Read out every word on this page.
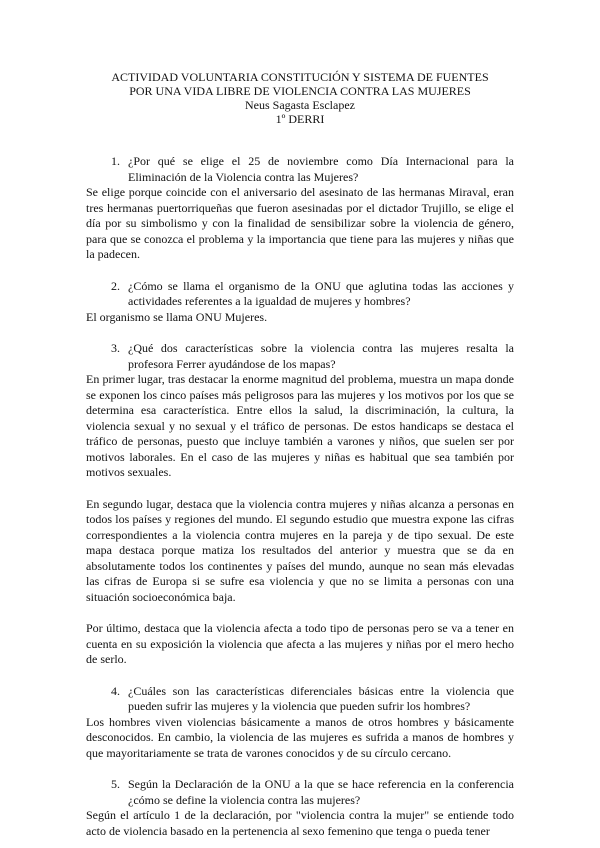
ACTIVIDAD VOLUNTARIA CONSTITUCIÓN Y SISTEMA DE FUENTES
POR UNA VIDA LIBRE DE VIOLENCIA CONTRA LAS MUJERES
Neus Sagasta Esclapez
1º DERRI
1. ¿Por qué se elige el 25 de noviembre como Día Internacional para la Eliminación de la Violencia contra las Mujeres?

Se elige porque coincide con el aniversario del asesinato de las hermanas Miraval, eran tres hermanas puertorriqueñas que fueron asesinadas por el dictador Trujillo, se elige el día por su simbolismo y con la finalidad de sensibilizar sobre la violencia de género, para que se conozca el problema y la importancia que tiene para las mujeres y niñas que la padecen.

2. ¿Cómo se llama el organismo de la ONU que aglutina todas las acciones y actividades referentes a la igualdad de mujeres y hombres?

El organismo se llama ONU Mujeres.

3. ¿Qué dos características sobre la violencia contra las mujeres resalta la profesora Ferrer ayudándose de los mapas?

En primer lugar, tras destacar la enorme magnitud del problema, muestra un mapa donde se exponen los cinco países más peligrosos para las mujeres y los motivos por los que se determina esa característica. Entre ellos la salud, la discriminación, la cultura, la violencia sexual y no sexual y el tráfico de personas. De estos handicaps se destaca el tráfico de personas, puesto que incluye también a varones y niños, que suelen ser por motivos laborales. En el caso de las mujeres y niñas es habitual que sea también por motivos sexuales.

En segundo lugar, destaca que la violencia contra mujeres y niñas alcanza a personas en todos los países y regiones del mundo. El segundo estudio que muestra expone las cifras correspondientes a la violencia contra mujeres en la pareja y de tipo sexual. De este mapa destaca porque matiza los resultados del anterior y muestra que se da en absolutamente todos los continentes y países del mundo, aunque no sean más elevadas las cifras de Europa si se sufre esa violencia y que no se limita a personas con una situación socioeconómica baja.

Por último, destaca que la violencia afecta a todo tipo de personas pero se va a tener en cuenta en su exposición la violencia que afecta a las mujeres y niñas por el mero hecho de serlo.

4. ¿Cuáles son las características diferenciales básicas entre la violencia que pueden sufrir las mujeres y la violencia que pueden sufrir los hombres?

Los hombres viven violencias básicamente a manos de otros hombres y básicamente desconocidos. En cambio, la violencia de las mujeres es sufrida a manos de hombres y que mayoritariamente se trata de varones conocidos y de su círculo cercano.

5. Según la Declaración de la ONU a la que se hace referencia en la conferencia ¿cómo se define la violencia contra las mujeres?

Según el artículo 1 de la declaración, por "violencia contra la mujer" se entiende todo acto de violencia basado en la pertenencia al sexo femenino que tenga o pueda tener
